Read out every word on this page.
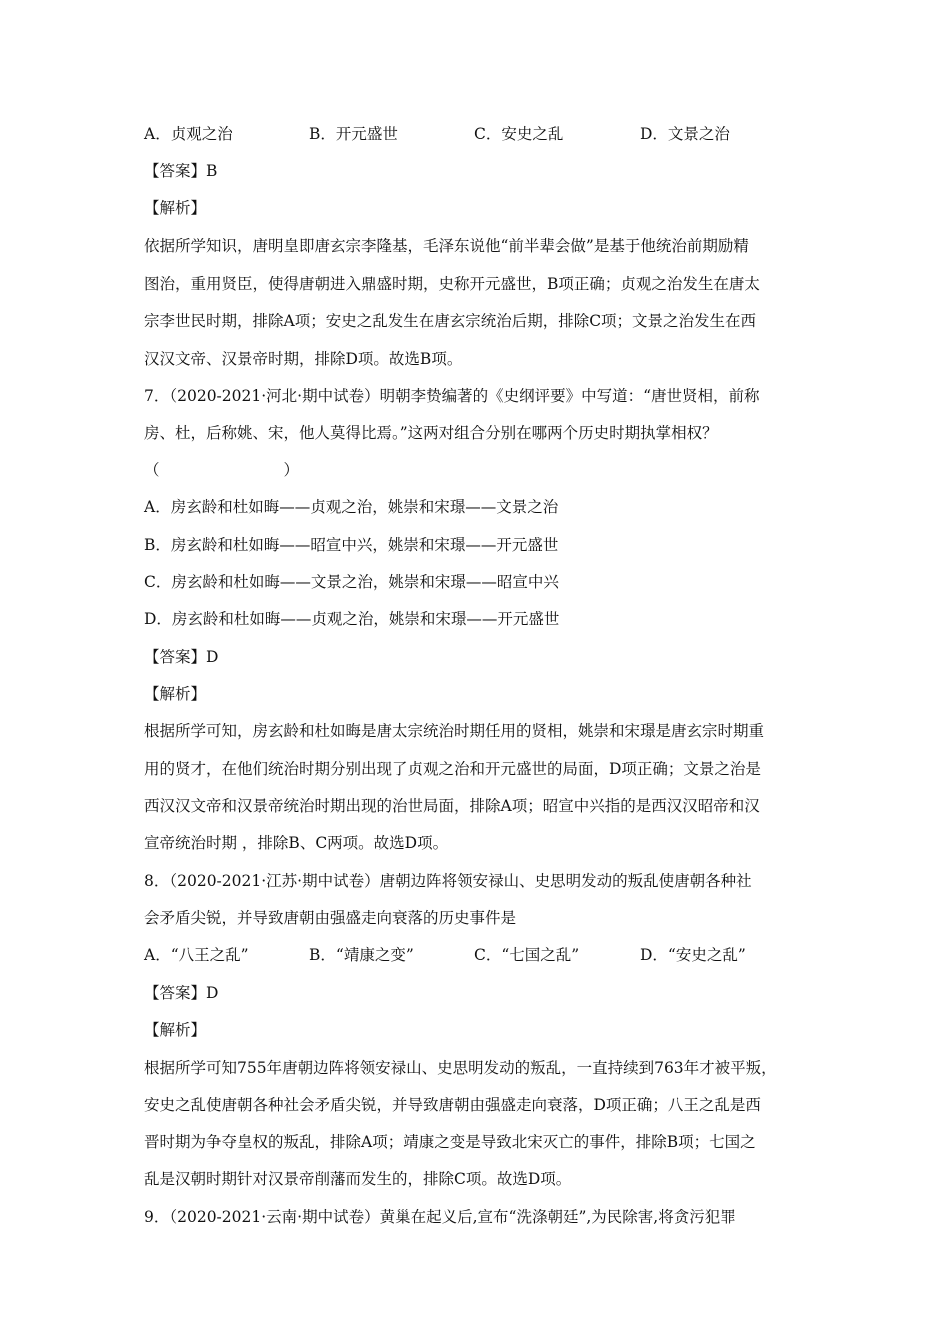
A．贞观之治	B．开元盛世	C．安史之乱	D．文景之治
【答案】B
【解析】
依据所学知识，唐明皇即唐玄宗李隆基，毛泽东说他“前半辈会做”是基于他统治前期励精
图治，重用贤臣，使得唐朝进入鼎盛时期，史称开元盛世，B项正确；贞观之治发生在唐太
宗李世民时期，排除A项；安史之乱发生在唐玄宗统治后期，排除C项；文景之治发生在西
汉汉文帝、汉景帝时期，排除D项。故选B项。
7．（2020-2021·河北·期中试卷）明朝李贽编著的《史纲评要》中写道：“唐世贤相，前称
房、杜，后称姚、宋，他人莫得比焉。”这两对组合分别在哪两个历史时期执掌相权？
（　　　　　　　　）
A．房玄龄和杜如晦——贞观之治，姚崇和宋璟——文景之治
B．房玄龄和杜如晦——昭宣中兴，姚崇和宋璟——开元盛世
C．房玄龄和杜如晦——文景之治，姚崇和宋璟——昭宣中兴
D．房玄龄和杜如晦——贞观之治，姚崇和宋璟——开元盛世
【答案】D
【解析】
根据所学可知，房玄龄和杜如晦是唐太宗统治时期任用的贤相，姚崇和宋璟是唐玄宗时期重
用的贤才，在他们统治时期分别出现了贞观之治和开元盛世的局面，D项正确；文景之治是
西汉汉文帝和汉景帝统治时期出现的治世局面，排除A项；昭宣中兴指的是西汉汉昭帝和汉
宣帝统治时期 ，排除B、C两项。故选D项。
8．（2020-2021·江苏·期中试卷）唐朝边阵将领安禄山、史思明发动的叛乱使唐朝各种社
会矛盾尖锐，并导致唐朝由强盛走向衰落的历史事件是
A．“八王之乱”	B．“靖康之变”	C．“七国之乱”	D．“安史之乱”
【答案】D
【解析】
根据所学可知755年唐朝边阵将领安禄山、史思明发动的叛乱，一直持续到763年才被平叛，
安史之乱使唐朝各种社会矛盾尖锐，并导致唐朝由强盛走向衰落，D项正确；八王之乱是西
晋时期为争夺皇权的叛乱，排除A项；靖康之变是导致北宋灭亡的事件，排除B项；七国之
乱是汉朝时期针对汉景帝削藩而发生的，排除C项。故选D项。
9．（2020-2021·云南·期中试卷）黄巢在起义后,宣布“洗涤朝廷”,为民除害,将贪污犯罪
